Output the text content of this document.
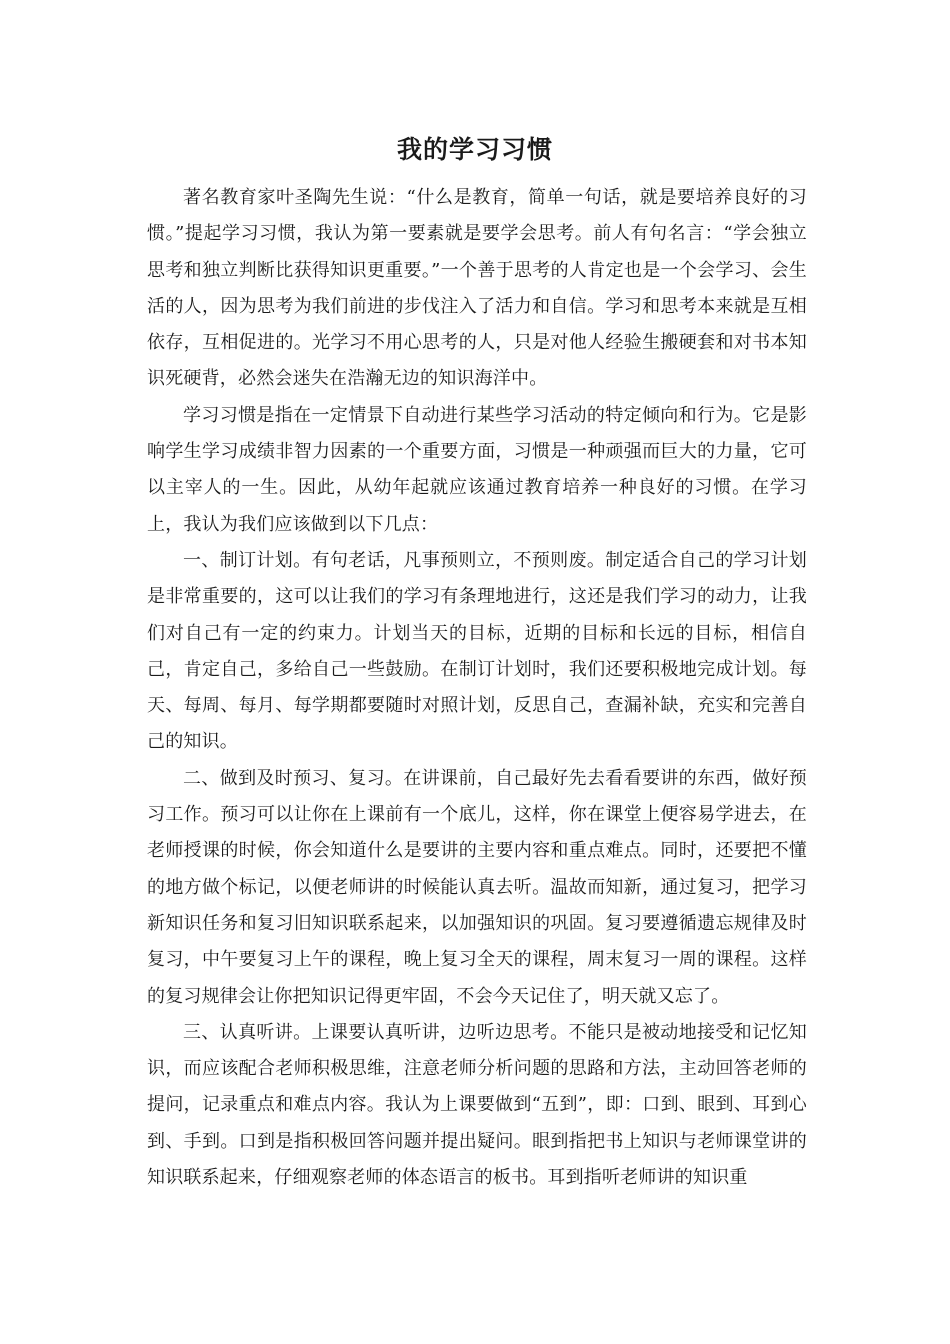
我的学习习惯

著名教育家叶圣陶先生说：“什么是教育，简单一句话，就是要培养良好的习惯。”提起学习习惯，我认为第一要素就是要学会思考。前人有句名言：“学会独立思考和独立判断比获得知识更重要。”一个善于思考的人肯定也是一个会学习、会生活的人，因为思考为我们前进的步伐注入了活力和自信。学习和思考本来就是互相依存，互相促进的。光学习不用心思考的人，只是对他人经验生搬硬套和对书本知识死硬背，必然会迷失在浩瀚无边的知识海洋中。

学习习惯是指在一定情景下自动进行某些学习活动的特定倾向和行为。它是影响学生学习成绩非智力因素的一个重要方面，习惯是一种顽强而巨大的力量，它可以主宰人的一生。因此，从幼年起就应该通过教育培养一种良好的习惯。在学习上，我认为我们应该做到以下几点：

一、制订计划。有句老话，凡事预则立，不预则废。制定适合自己的学习计划是非常重要的，这可以让我们的学习有条理地进行，这还是我们学习的动力，让我们对自己有一定的约束力。计划当天的目标，近期的目标和长远的目标，相信自己，肯定自己，多给自己一些鼓励。在制订计划时，我们还要积极地完成计划。每天、每周、每月、每学期都要随时对照计划，反思自己，查漏补缺，充实和完善自己的知识。

二、做到及时预习、复习。在讲课前，自己最好先去看看要讲的东西，做好预习工作。预习可以让你在上课前有一个底儿，这样，你在课堂上便容易学进去，在老师授课的时候，你会知道什么是要讲的主要内容和重点难点。同时，还要把不懂的地方做个标记，以便老师讲的时候能认真去听。温故而知新，通过复习，把学习新知识任务和复习旧知识联系起来，以加强知识的巩固。复习要遵循遗忘规律及时复习，中午要复习上午的课程，晚上复习全天的课程，周末复习一周的课程。这样的复习规律会让你把知识记得更牢固，不会今天记住了，明天就又忘了。

三、认真听讲。上课要认真听讲，边听边思考。不能只是被动地接受和记忆知识，而应该配合老师积极思维，注意老师分析问题的思路和方法，主动回答老师的提问，记录重点和难点内容。我认为上课要做到“五到”，即：口到、眼到、耳到心到、手到。口到是指积极回答问题并提出疑问。眼到指把书上知识与老师课堂讲的知识联系起来，仔细观察老师的体态语言的板书。耳到指听老师讲的知识重
